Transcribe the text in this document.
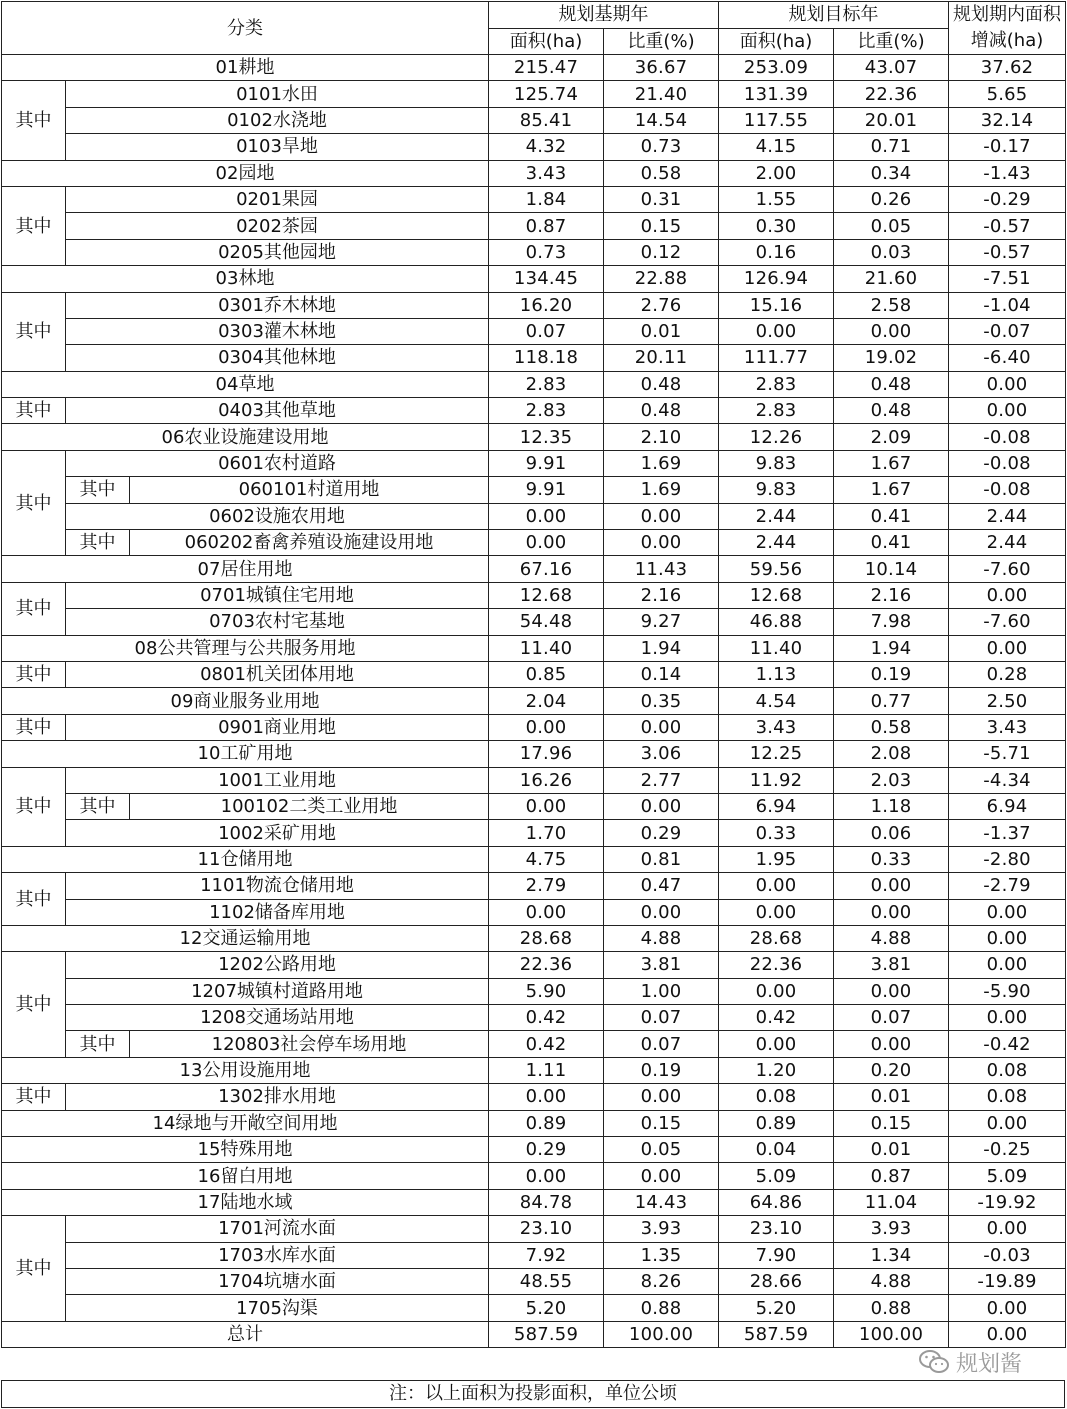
分类			规划基期年		规划目标年		规划期内面积增减(ha)
			面积(ha)	比重(%)	面积(ha)	比重(%)	
01耕地			215.47	36.67	253.09	43.07	37.62
其中	0101水田		125.74	21.40	131.39	22.36	5.65
	0102水浇地		85.41	14.54	117.55	20.01	32.14
	0103旱地		4.32	0.73	4.15	0.71	-0.17
02园地			3.43	0.58	2.00	0.34	-1.43
其中	0201果园		1.84	0.31	1.55	0.26	-0.29
	0202茶园		0.87	0.15	0.30	0.05	-0.57
	0205其他园地		0.73	0.12	0.16	0.03	-0.57
03林地			134.45	22.88	126.94	21.60	-7.51
其中	0301乔木林地		16.20	2.76	15.16	2.58	-1.04
	0303灌木林地		0.07	0.01	0.00	0.00	-0.07
	0304其他林地		118.18	20.11	111.77	19.02	-6.40
04草地			2.83	0.48	2.83	0.48	0.00
其中	0403其他草地		2.83	0.48	2.83	0.48	0.00
06农业设施建设用地			12.35	2.10	12.26	2.09	-0.08
其中	0601农村道路		9.91	1.69	9.83	1.67	-0.08
	其中	060101村道用地	9.91	1.69	9.83	1.67	-0.08
	0602设施农用地		0.00	0.00	2.44	0.41	2.44
	其中	060202畜禽养殖设施建设用地	0.00	0.00	2.44	0.41	2.44
07居住用地			67.16	11.43	59.56	10.14	-7.60
其中	0701城镇住宅用地		12.68	2.16	12.68	2.16	0.00
	0703农村宅基地		54.48	9.27	46.88	7.98	-7.60
08公共管理与公共服务用地			11.40	1.94	11.40	1.94	0.00
其中	0801机关团体用地		0.85	0.14	1.13	0.19	0.28
09商业服务业用地			2.04	0.35	4.54	0.77	2.50
其中	0901商业用地		0.00	0.00	3.43	0.58	3.43
10工矿用地			17.96	3.06	12.25	2.08	-5.71
其中	1001工业用地		16.26	2.77	11.92	2.03	-4.34
	其中	100102二类工业用地	0.00	0.00	6.94	1.18	6.94
	1002采矿用地		1.70	0.29	0.33	0.06	-1.37
11仓储用地			4.75	0.81	1.95	0.33	-2.80
其中	1101物流仓储用地		2.79	0.47	0.00	0.00	-2.79
	1102储备库用地		0.00	0.00	0.00	0.00	0.00
12交通运输用地			28.68	4.88	28.68	4.88	0.00
其中	1202公路用地		22.36	3.81	22.36	3.81	0.00
	1207城镇村道路用地		5.90	1.00	0.00	0.00	-5.90
	1208交通场站用地		0.42	0.07	0.42	0.07	0.00
	其中	120803社会停车场用地	0.42	0.07	0.00	0.00	-0.42
13公用设施用地			1.11	0.19	1.20	0.20	0.08
其中	1302排水用地		0.00	0.00	0.08	0.01	0.08
14绿地与开敞空间用地			0.89	0.15	0.89	0.15	0.00
15特殊用地			0.29	0.05	0.04	0.01	-0.25
16留白用地			0.00	0.00	5.09	0.87	5.09
17陆地水域			84.78	14.43	64.86	11.04	-19.92
其中	1701河流水面		23.10	3.93	23.10	3.93	0.00
	1703水库水面		7.92	1.35	7.90	1.34	-0.03
	1704坑塘水面		48.55	8.26	28.66	4.88	-19.89
	1705沟渠		5.20	0.88	5.20	0.88	0.00
总计			587.59	100.00	587.59	100.00	0.00
规划酱
注：以上面积为投影面积，单位公顷
